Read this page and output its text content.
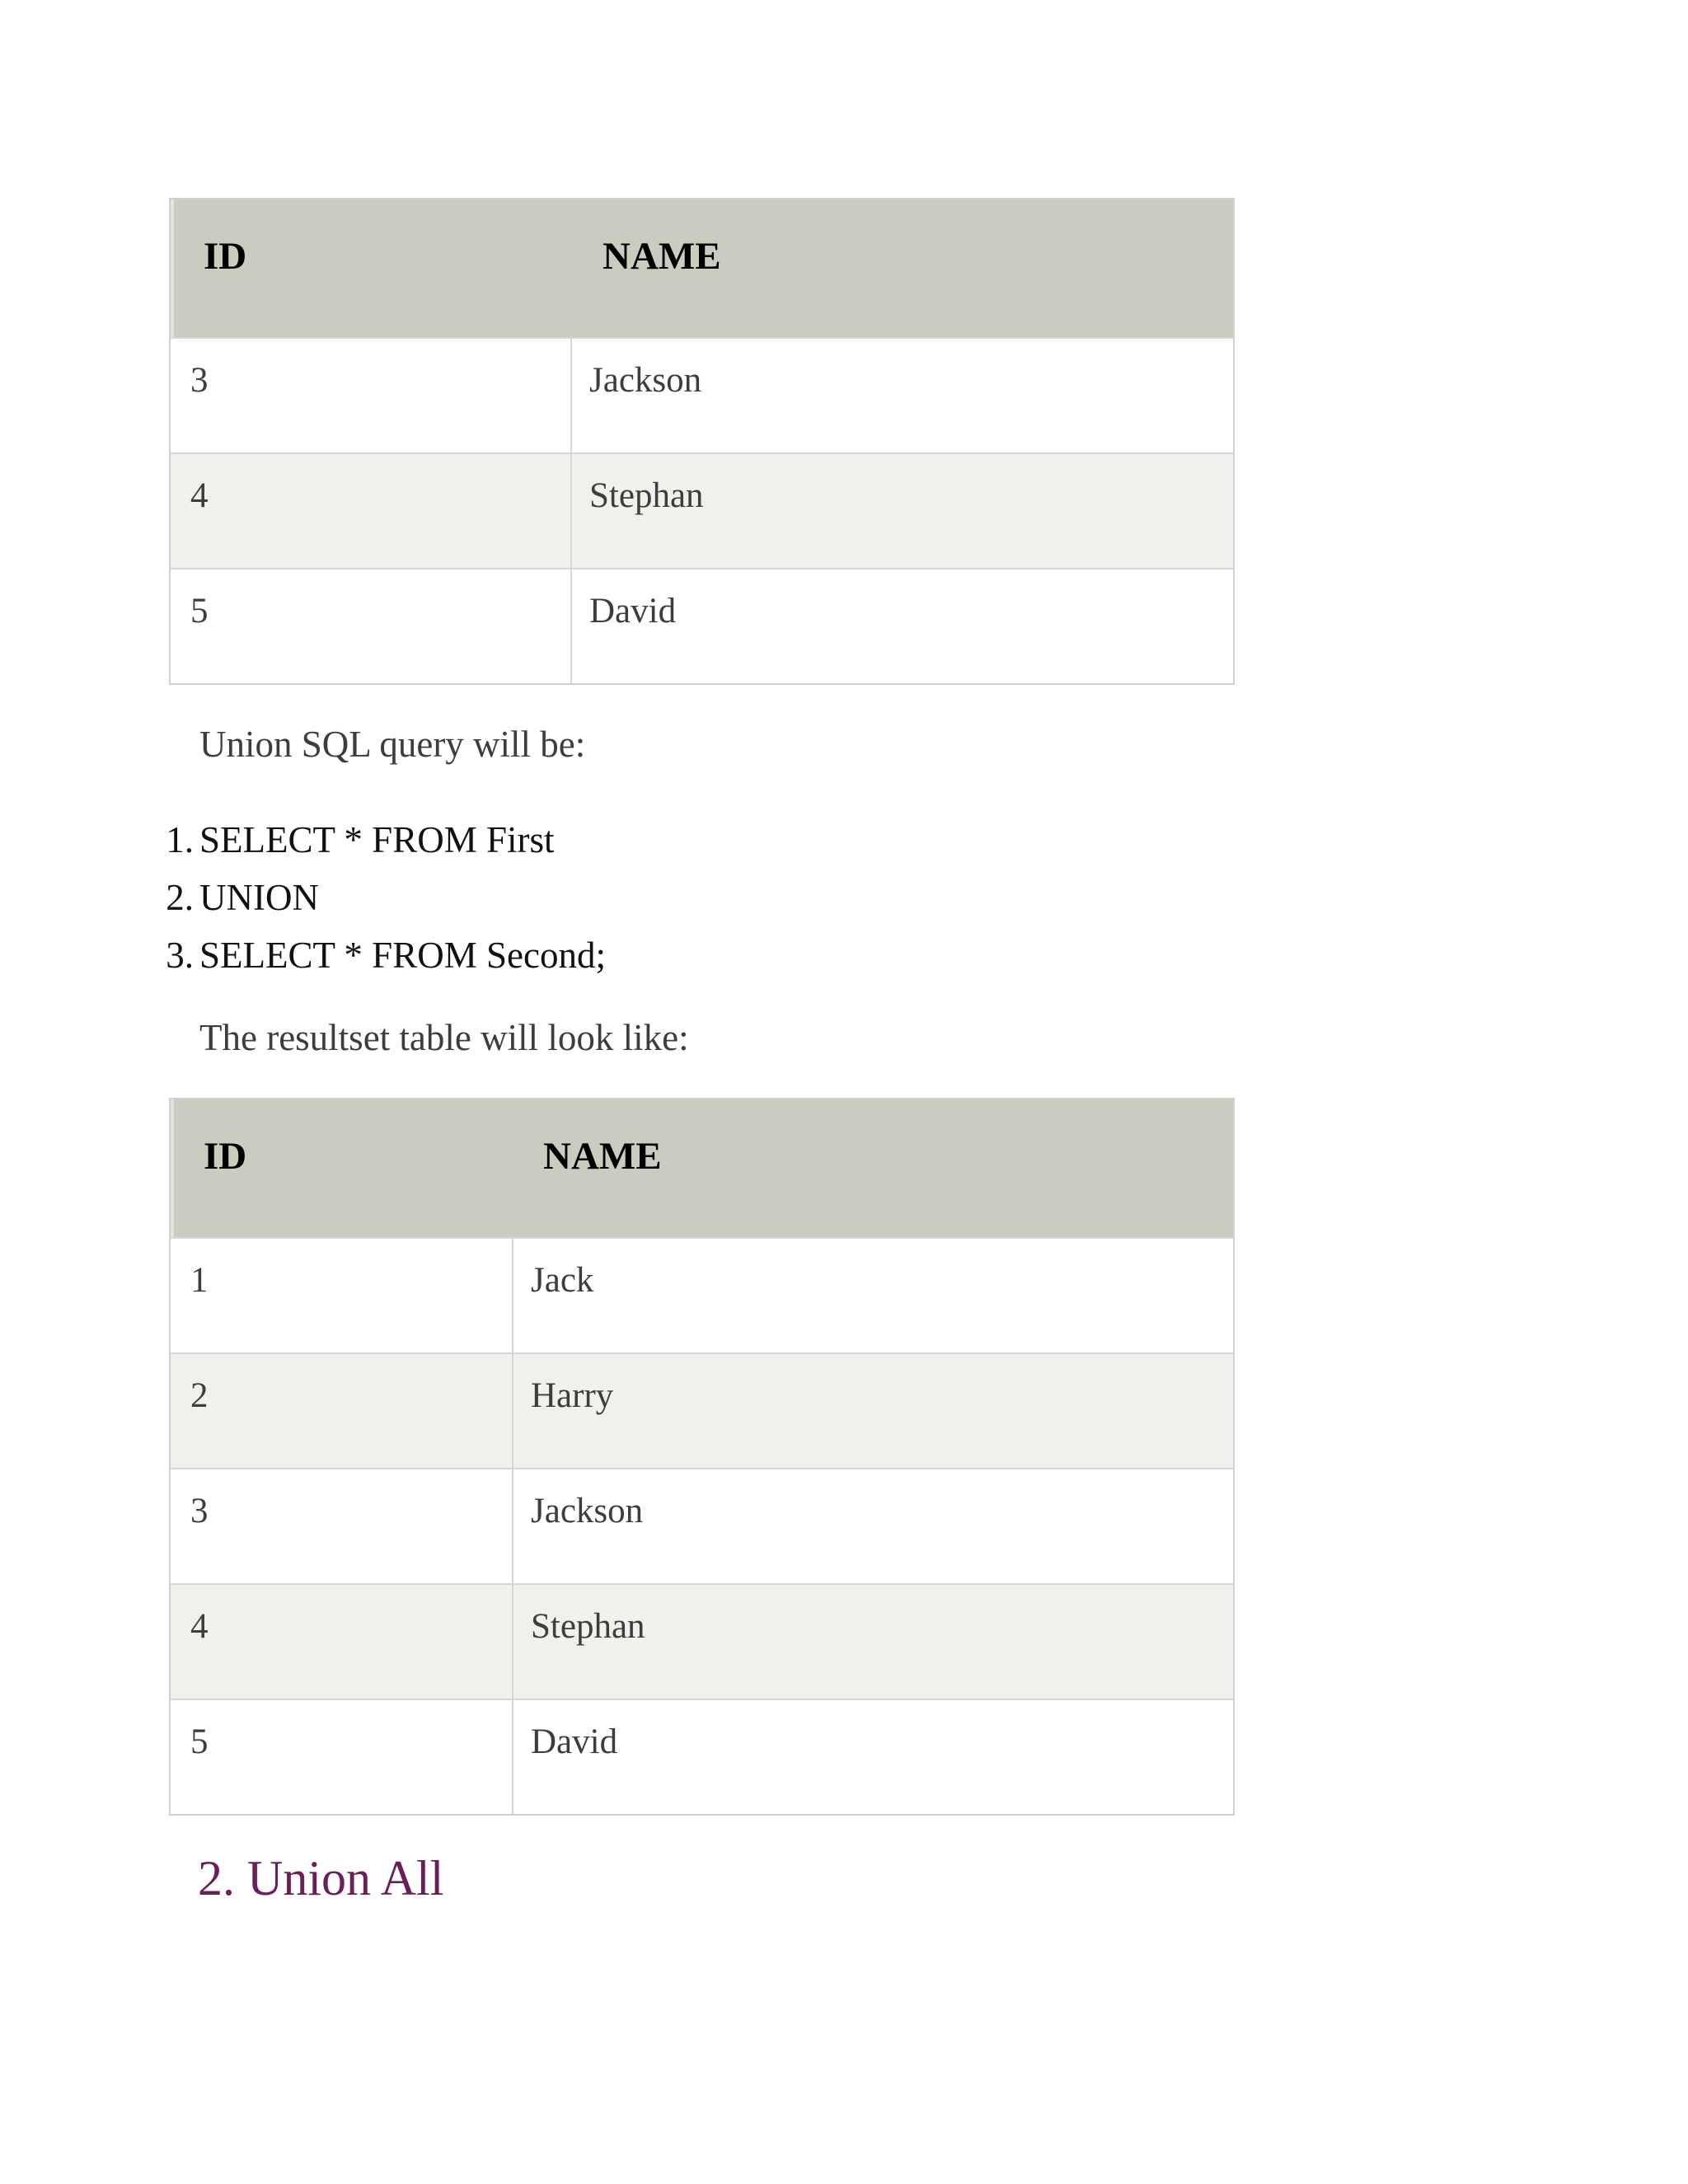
ID	NAME
3	Jackson
4	Stephan
5	David

Union SQL query will be:

1. SELECT * FROM First
2. UNION
3. SELECT * FROM Second;

The resultset table will look like:

ID	NAME
1	Jack
2	Harry
3	Jackson
4	Stephan
5	David
2. Union All
